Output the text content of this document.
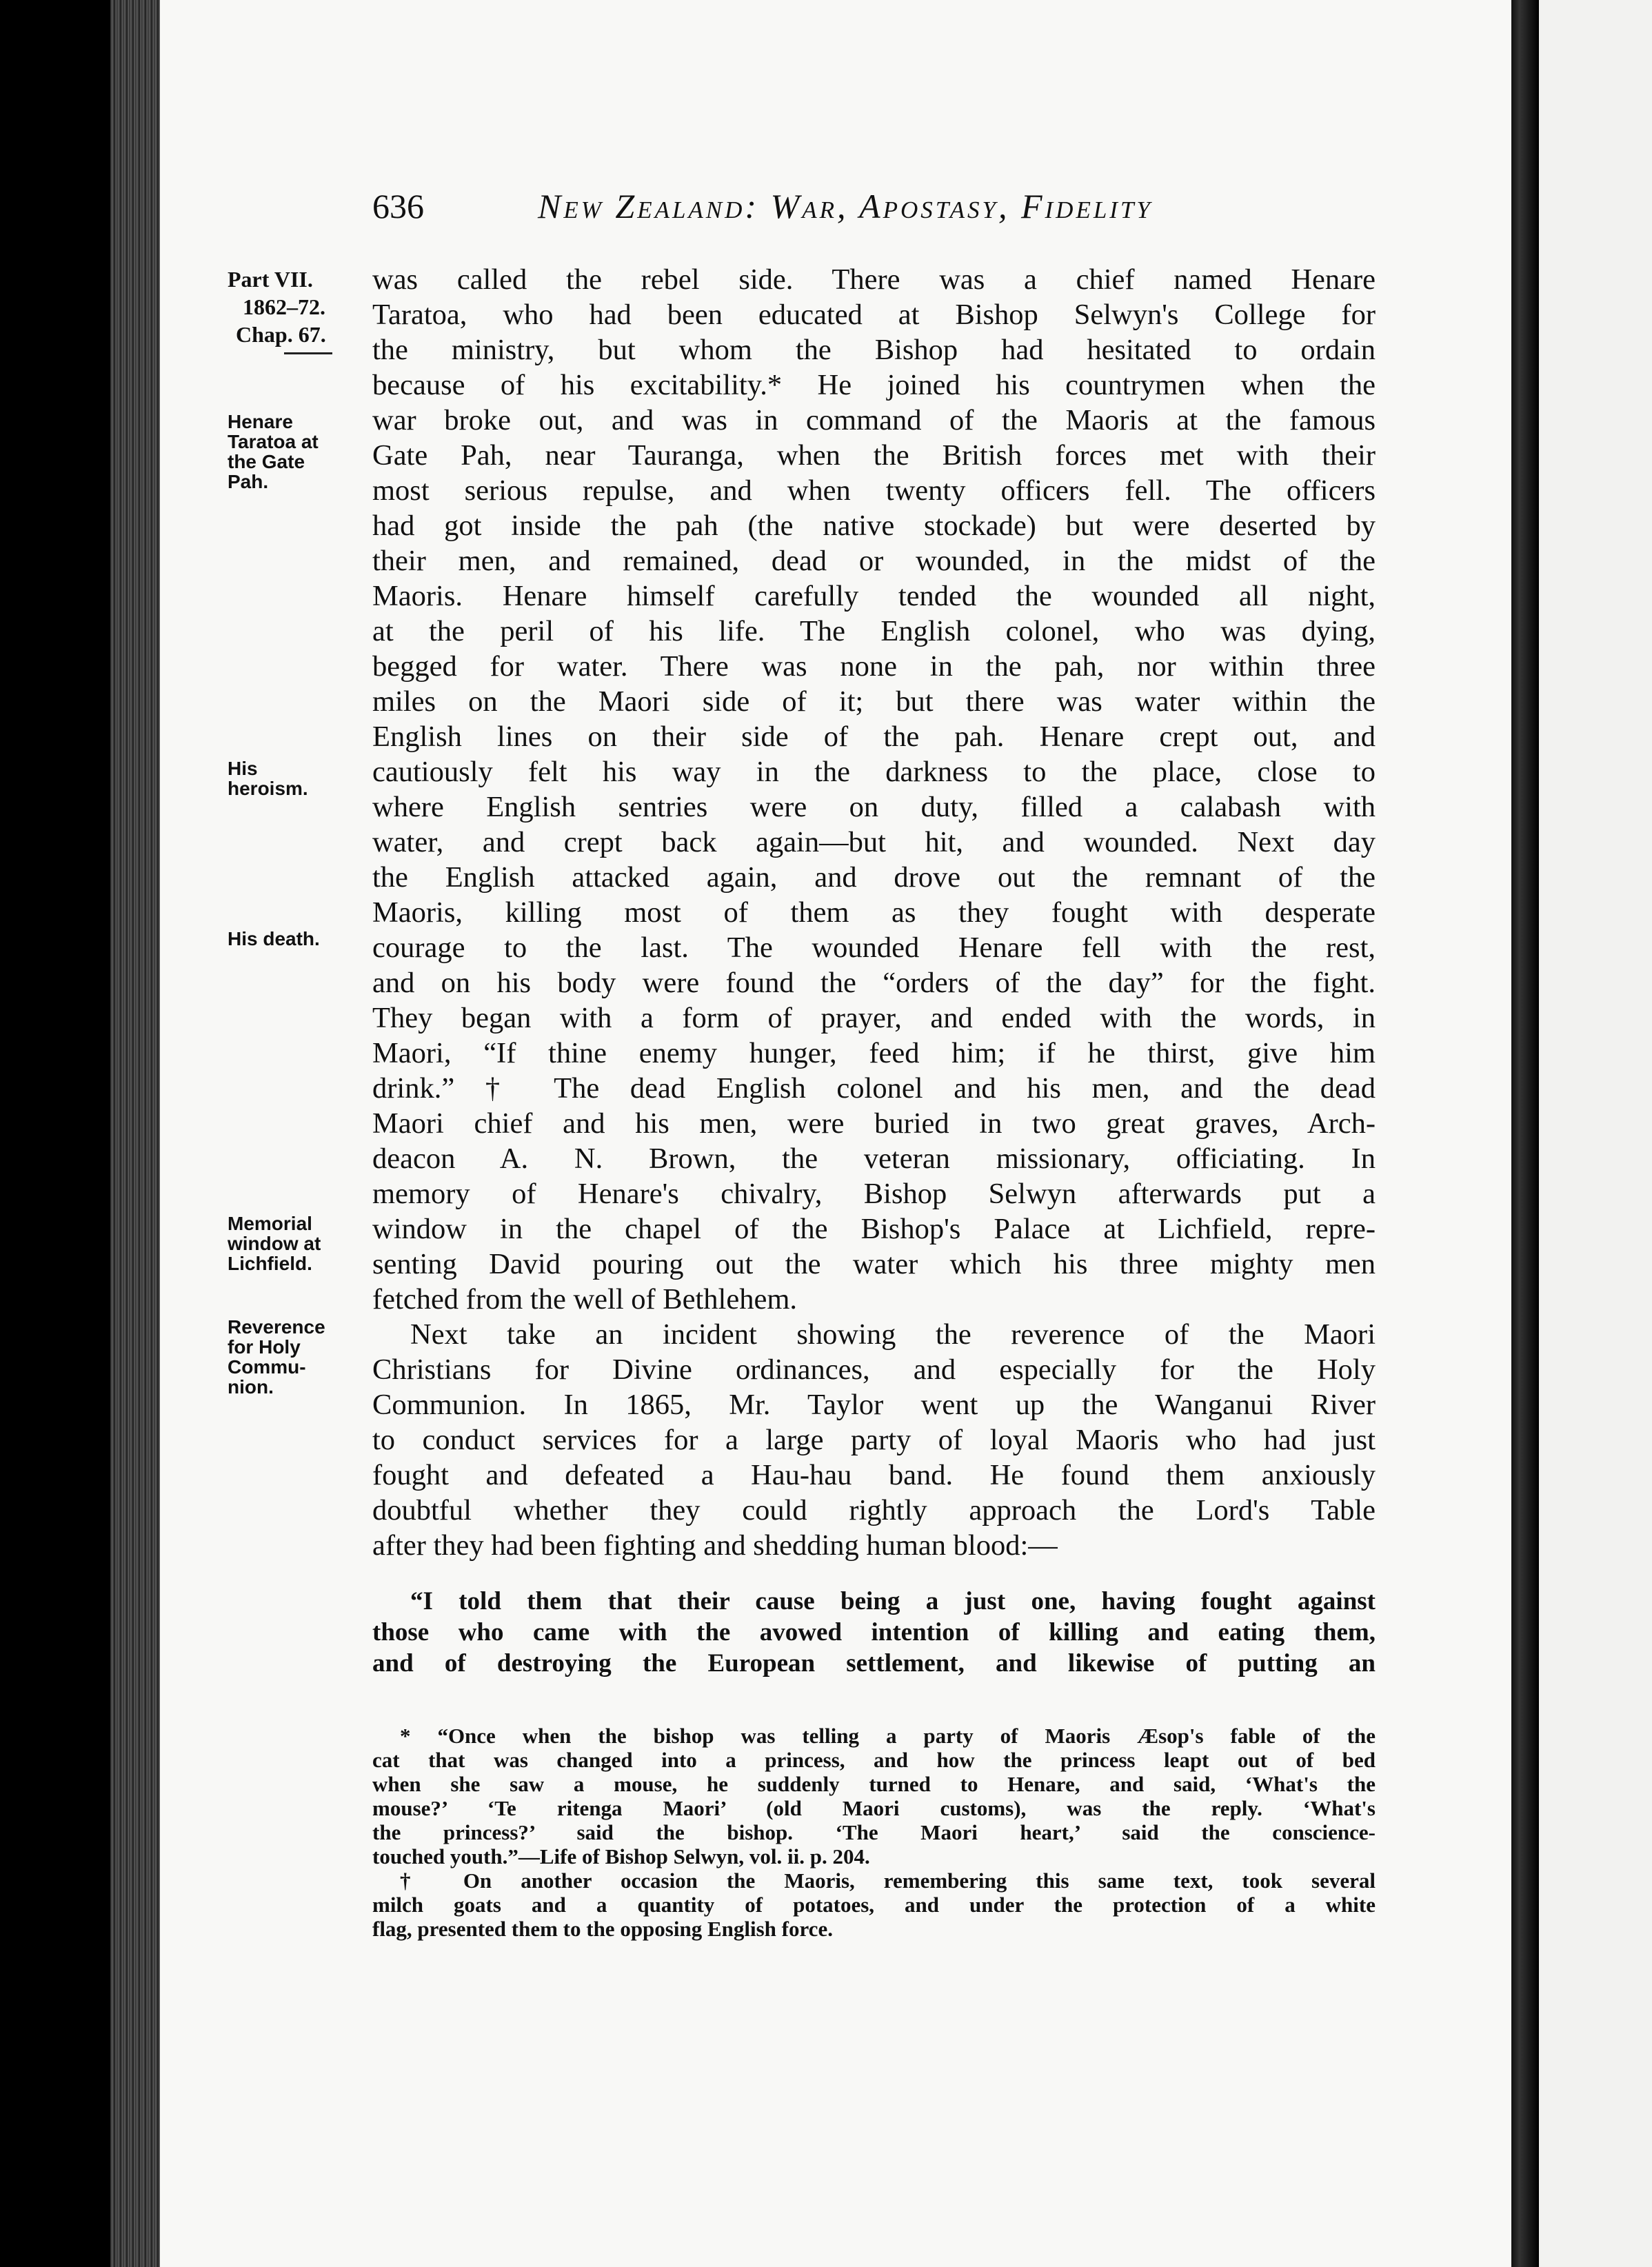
636	New Zealand: War, Apostasy, Fidelity
Part VII.
1862–72.
Chap. 67.
Henare
Taratoa at
the Gate
Pah.
His
heroism.
His death.
Memorial
window at
Lichfield.
Reverence
for Holy
Commu-
nion.
was called the rebel side. There was a chief named Henare
Taratoa, who had been educated at Bishop Selwyn's College for
the ministry, but whom the Bishop had hesitated to ordain
because of his excitability.* He joined his countrymen when the
war broke out, and was in command of the Maoris at the famous
Gate Pah, near Tauranga, when the British forces met with their
most serious repulse, and when twenty officers fell. The officers
had got inside the pah (the native stockade) but were deserted by
their men, and remained, dead or wounded, in the midst of the
Maoris. Henare himself carefully tended the wounded all night,
at the peril of his life. The English colonel, who was dying,
begged for water. There was none in the pah, nor within three
miles on the Maori side of it; but there was water within the
English lines on their side of the pah. Henare crept out, and
cautiously felt his way in the darkness to the place, close to
where English sentries were on duty, filled a calabash with
water, and crept back again—but hit, and wounded. Next day
the English attacked again, and drove out the remnant of the
Maoris, killing most of them as they fought with desperate
courage to the last. The wounded Henare fell with the rest,
and on his body were found the “orders of the day” for the fight.
They began with a form of prayer, and ended with the words, in
Maori, “If thine enemy hunger, feed him; if he thirst, give him
drink.” † The dead English colonel and his men, and the dead
Maori chief and his men, were buried in two great graves, Arch-
deacon A. N. Brown, the veteran missionary, officiating. In
memory of Henare's chivalry, Bishop Selwyn afterwards put a
window in the chapel of the Bishop's Palace at Lichfield, repre-
senting David pouring out the water which his three mighty men
fetched from the well of Bethlehem.
Next take an incident showing the reverence of the Maori
Christians for Divine ordinances, and especially for the Holy
Communion. In 1865, Mr. Taylor went up the Wanganui River
to conduct services for a large party of loyal Maoris who had just
fought and defeated a Hau-hau band. He found them anxiously
doubtful whether they could rightly approach the Lord's Table
after they had been fighting and shedding human blood:—
“I told them that their cause being a just one, having fought against
those who came with the avowed intention of killing and eating them,
and of destroying the European settlement, and likewise of putting an
* “Once when the bishop was telling a party of Maoris Æsop's fable of the
cat that was changed into a princess, and how the princess leapt out of bed
when she saw a mouse, he suddenly turned to Henare, and said, ‘What's the
mouse?’ ‘Te ritenga Maori’ (old Maori customs), was the reply. ‘What's
the princess?’ said the bishop. ‘The Maori heart,’ said the conscience-
touched youth.”—Life of Bishop Selwyn, vol. ii. p. 204.
† On another occasion the Maoris, remembering this same text, took several
milch goats and a quantity of potatoes, and under the protection of a white
flag, presented them to the opposing English force.
